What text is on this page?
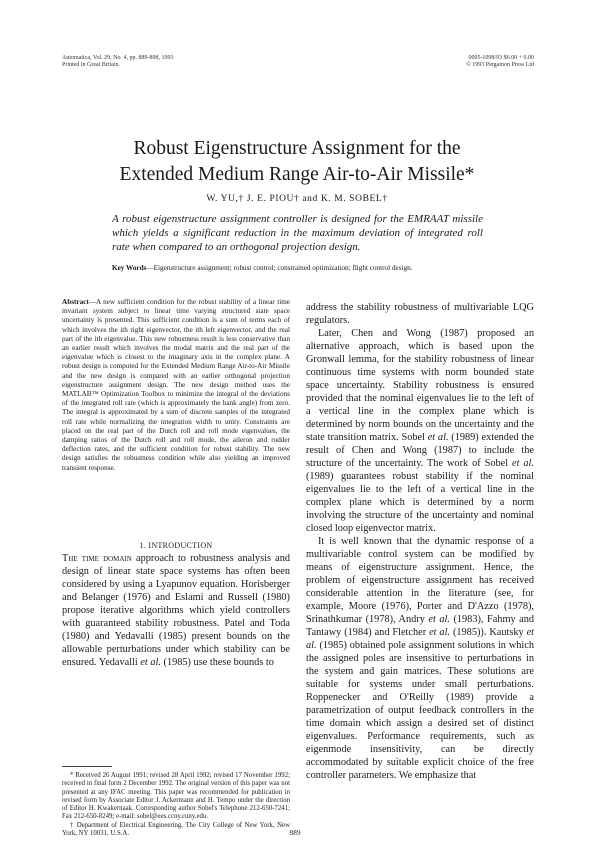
Automatica, Vol. 29, No. 4, pp. 889-898, 1993
Printed in Great Britain.
0005-1098/93 $6.00 + 0.00
© 1993 Pergamon Press Ltd
Robust Eigenstructure Assignment for the
Extended Medium Range Air-to-Air Missile*
W. YU,† J. E. PIOU† and K. M. SOBEL†
A robust eigenstructure assignment controller is designed for the EMRAAT missile which yields a significant reduction in the maximum deviation of integrated roll rate when compared to an orthogonal projection design.
Key Words—Eigenstructure assignment; robust control; constrained optimization; flight control design.
Abstract—A new sufficient condition for the robust stability of a linear time invariant system subject to linear time varying structured state space uncertainty is presented. This sufficient condition is a sum of terms each of which involves the ith right eigenvector, the ith left eigenvector, and the real part of the ith eigenvalue. This new robustness result is less conservative than an earlier result which involves the modal matrix and the real part of the eigenvalue which is closest to the imaginary axis in the complex plane. A robust design is computed for the Extended Medium Range Air-to-Air Missile and the new design is compared with an earlier orthogonal projection eigenstructure assignment design. The new design method uses the MATLAB™ Optimization Toolbox to minimize the integral of the deviations of the integrated roll rate (which is approximately the bank angle) from zero. The integral is approximated by a sum of discrete samples of the integrated roll rate while normalizing the integration width to unity. Constraints are placed on the real part of the Dutch roll and roll mode eigenvalues, the damping ratios of the Dutch roll and roll mode, the aileron and rudder deflection rates, and the sufficient condition for robust stability. The new design satisfies the robustness condition while also yielding an improved transient response.
1. INTRODUCTION
The time domain approach to robustness analysis and design of linear state space systems has often been considered by using a Lyapunov equation. Horisberger and Belanger (1976) and Eslami and Russell (1980) propose iterative algorithms which yield controllers with guaranteed stability robustness. Patel and Toda (1980) and Yedavalli (1985) present bounds on the allowable perturbations under which stability can be ensured. Yedavalli et al. (1985) use these bounds to

* Received 26 August 1991; revised 28 April 1992; revised 17 November 1992; received in final form 2 December 1992. The original version of this paper was not presented at any IFAC meeting. This paper was recommended for publication in revised form by Associate Editor J. Ackermann and H. Tempo under the direction of Editor H. Kwakernaak. Corresponding author Sobel's Telephone 212-650-7241; Fax 212-650-8249; e-mail: sobel@ees.ccny.cuny.edu.

† Department of Electrical Engineering, The City College of New York, New York, NY 10031, U.S.A.

address the stability robustness of multivariable LQG regulators.

Later, Chen and Wong (1987) proposed an alternative approach, which is based upon the Gronwall lemma, for the stability robustness of linear continuous time systems with norm bounded state space uncertainty. Stability robustness is ensured provided that the nominal eigenvalues lie to the left of a vertical line in the complex plane which is determined by norm bounds on the uncertainty and the state transition matrix. Sobel et al. (1989) extended the result of Chen and Wong (1987) to include the structure of the uncertainty. The work of Sobel et al. (1989) guarantees robust stability if the nominal eigenvalues lie to the left of a vertical line in the complex plane which is determined by a norm involving the structure of the uncertainty and nominal closed loop eigenvector matrix.

It is well known that the dynamic response of a multivariable control system can be modified by means of eigenstructure assignment. Hence, the problem of eigenstructure assignment has received considerable attention in the literature (see, for example, Moore (1976), Porter and D'Azzo (1978), Srinathkumar (1978), Andry et al. (1983), Fahmy and Tantawy (1984) and Fletcher et al. (1985)). Kautsky et al. (1985) obtained pole assignment solutions in which the assigned poles are insensitive to perturbations in the system and gain matrices. These solutions are suitable for systems under small perturbations. Roppenecker and O'Reilly (1989) provide a parametrization of output feedback controllers in the time domain which assign a desired set of distinct eigenvalues. Performance requirements, such as eigenmode insensitivity, can be directly accommodated by suitable explicit choice of the free controller parameters. We emphasize that

889
